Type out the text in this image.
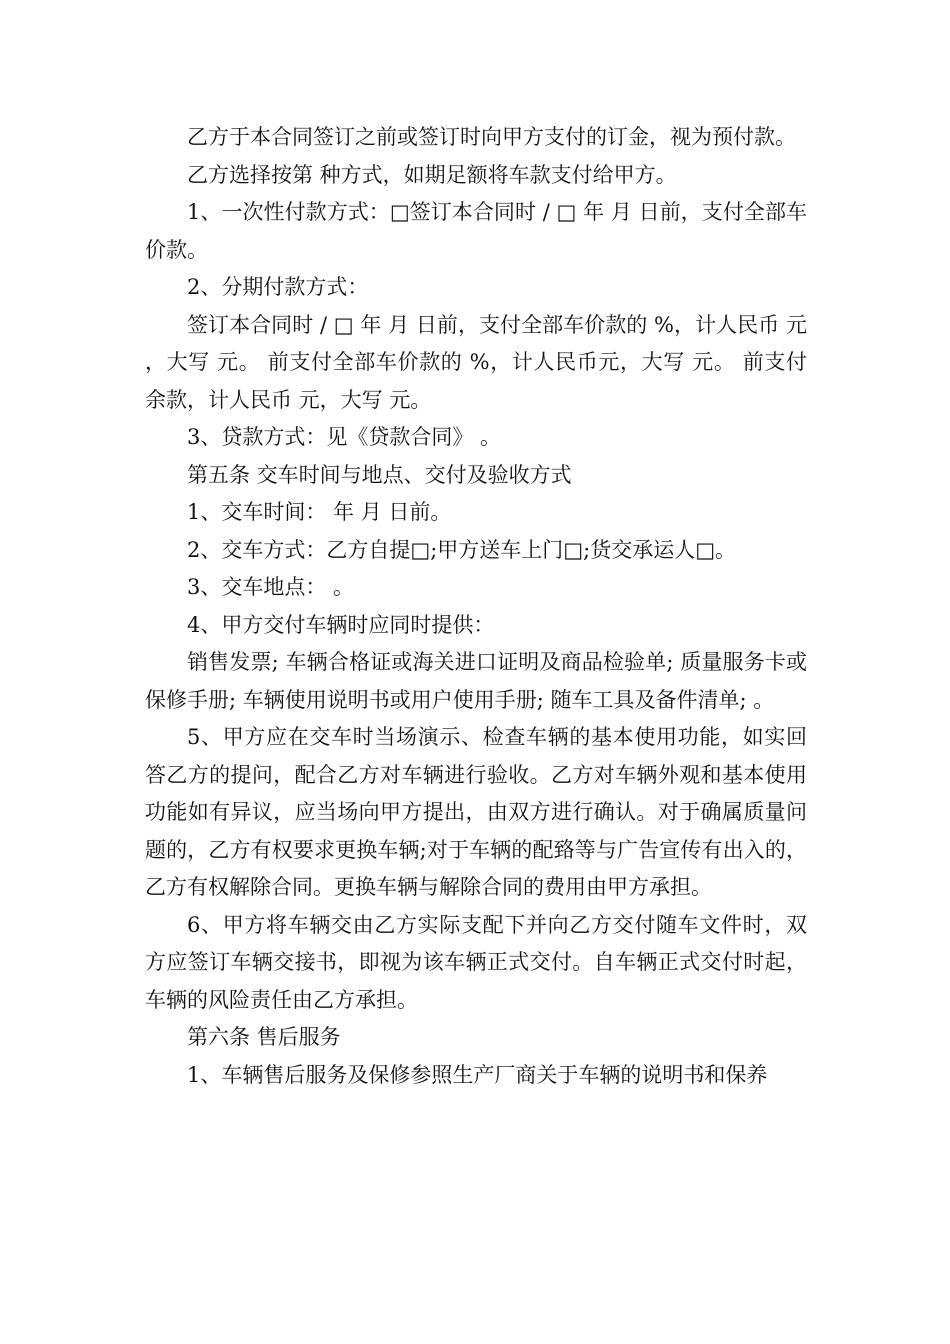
乙方于本合同签订之前或签订时向甲方支付的订金，视为预付款。

乙方选择按第 种方式，如期足额将车款支付给甲方。

1、一次性付款方式：□签订本合同时 / □ 年 月 日前，支付全部车价款。

2、分期付款方式：

签订本合同时 / □ 年 月 日前，支付全部车价款的 %，计人民币 元，大写 元。 前支付全部车价款的 %，计人民币元，大写 元。 前支付余款，计人民币 元，大写 元。

3、贷款方式：见《贷款合同》 。

第五条 交车时间与地点、交付及验收方式

1、交车时间： 年 月 日前。

2、交车方式：乙方自提□;甲方送车上门□;货交承运人□。

3、交车地点： 。

4、甲方交付车辆时应同时提供：

销售发票; 车辆合格证或海关进口证明及商品检验单; 质量服务卡或保修手册; 车辆使用说明书或用户使用手册; 随车工具及备件清单; 。

5、甲方应在交车时当场演示、检查车辆的基本使用功能，如实回答乙方的提问，配合乙方对车辆进行验收。乙方对车辆外观和基本使用功能如有异议，应当场向甲方提出，由双方进行确认。对于确属质量问题的，乙方有权要求更换车辆;对于车辆的配臵等与广告宣传有出入的，乙方有权解除合同。更换车辆与解除合同的费用由甲方承担。

6、甲方将车辆交由乙方实际支配下并向乙方交付随车文件时，双方应签订车辆交接书，即视为该车辆正式交付。自车辆正式交付时起，车辆的风险责任由乙方承担。

第六条 售后服务

1、车辆售后服务及保修参照生产厂商关于车辆的说明书和保养
